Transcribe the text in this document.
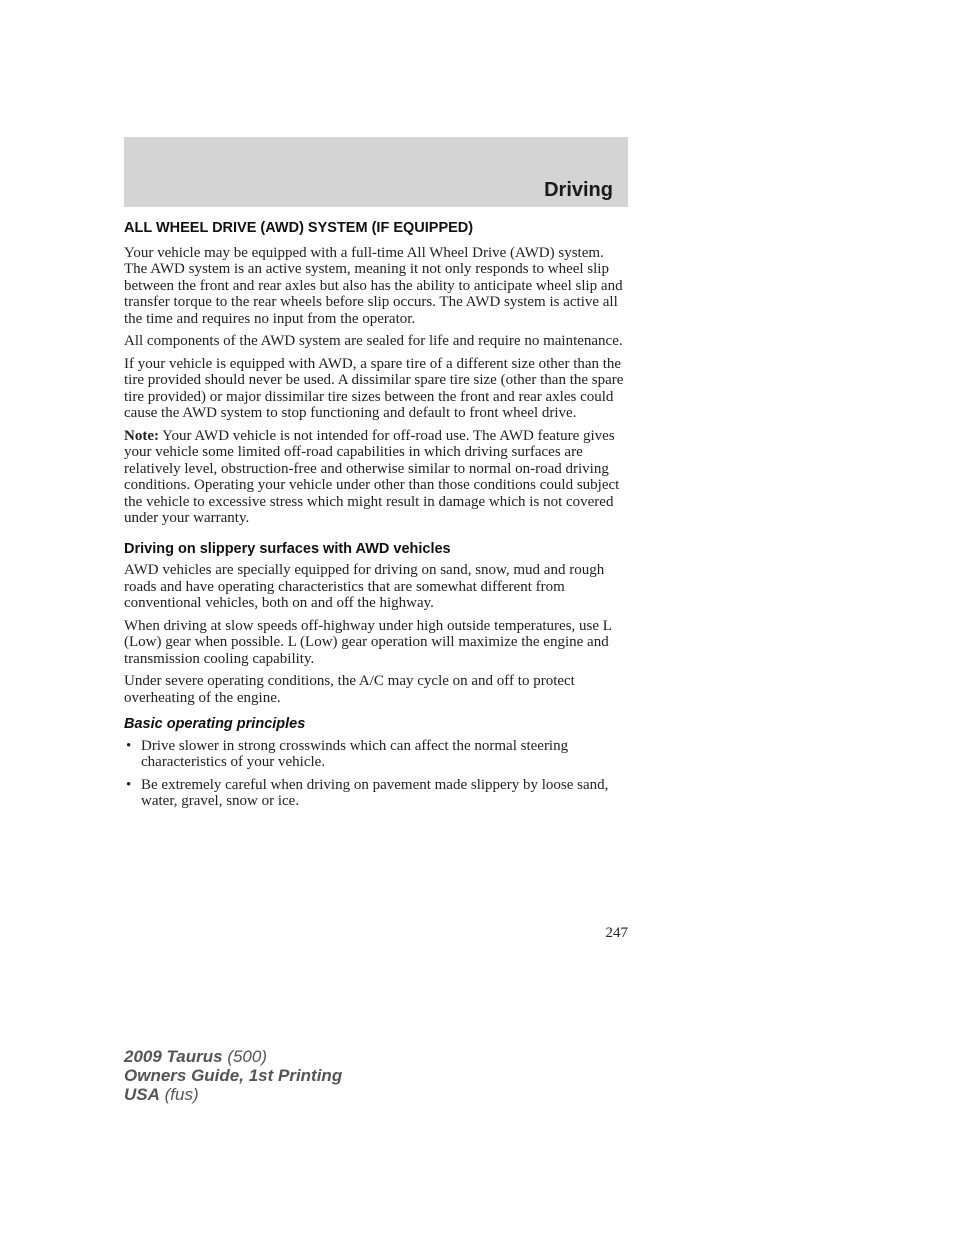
Driving
ALL WHEEL DRIVE (AWD) SYSTEM (IF EQUIPPED)

Your vehicle may be equipped with a full-time All Wheel Drive (AWD) system. The AWD system is an active system, meaning it not only responds to wheel slip between the front and rear axles but also has the ability to anticipate wheel slip and transfer torque to the rear wheels before slip occurs. The AWD system is active all the time and requires no input from the operator.

All components of the AWD system are sealed for life and require no maintenance.

If your vehicle is equipped with AWD, a spare tire of a different size other than the tire provided should never be used. A dissimilar spare tire size (other than the spare tire provided) or major dissimilar tire sizes between the front and rear axles could cause the AWD system to stop functioning and default to front wheel drive.

Note: Your AWD vehicle is not intended for off-road use. The AWD feature gives your vehicle some limited off-road capabilities in which driving surfaces are relatively level, obstruction-free and otherwise similar to normal on-road driving conditions. Operating your vehicle under other than those conditions could subject the vehicle to excessive stress which might result in damage which is not covered under your warranty.

Driving on slippery surfaces with AWD vehicles

AWD vehicles are specially equipped for driving on sand, snow, mud and rough roads and have operating characteristics that are somewhat different from conventional vehicles, both on and off the highway.

When driving at slow speeds off-highway under high outside temperatures, use L (Low) gear when possible. L (Low) gear operation will maximize the engine and transmission cooling capability.

Under severe operating conditions, the A/C may cycle on and off to protect overheating of the engine.

Basic operating principles
• Drive slower in strong crosswinds which can affect the normal steering characteristics of your vehicle.
• Be extremely careful when driving on pavement made slippery by loose sand, water, gravel, snow or ice.
247
2009 Taurus (500)
Owners Guide, 1st Printing
USA (fus)
